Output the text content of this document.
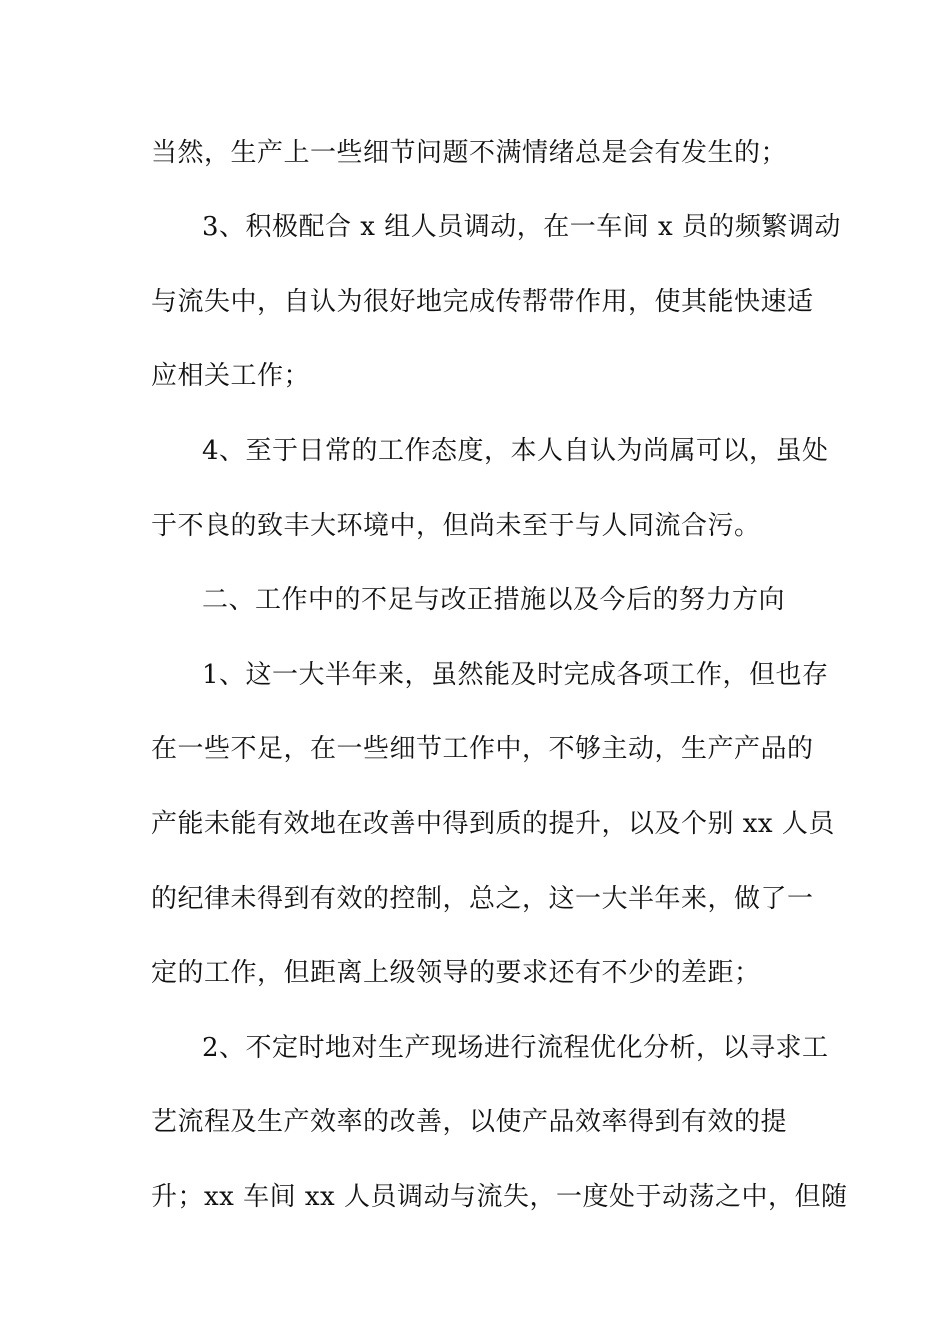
当然，生产上一些细节问题不满情绪总是会有发生的；
3、积极配合 x 组人员调动，在一车间 x 员的频繁调动
与流失中，自认为很好地完成传帮带作用，使其能快速适
应相关工作；
4、至于日常的工作态度，本人自认为尚属可以，虽处
于不良的致丰大环境中，但尚未至于与人同流合污。
二、工作中的不足与改正措施以及今后的努力方向
1、这一大半年来，虽然能及时完成各项工作，但也存
在一些不足，在一些细节工作中，不够主动，生产产品的
产能未能有效地在改善中得到质的提升，以及个别 xx 人员
的纪律未得到有效的控制，总之，这一大半年来，做了一
定的工作，但距离上级领导的要求还有不少的差距；
2、不定时地对生产现场进行流程优化分析，以寻求工
艺流程及生产效率的改善，以使产品效率得到有效的提
升；xx 车间 xx 人员调动与流失，一度处于动荡之中，但随
